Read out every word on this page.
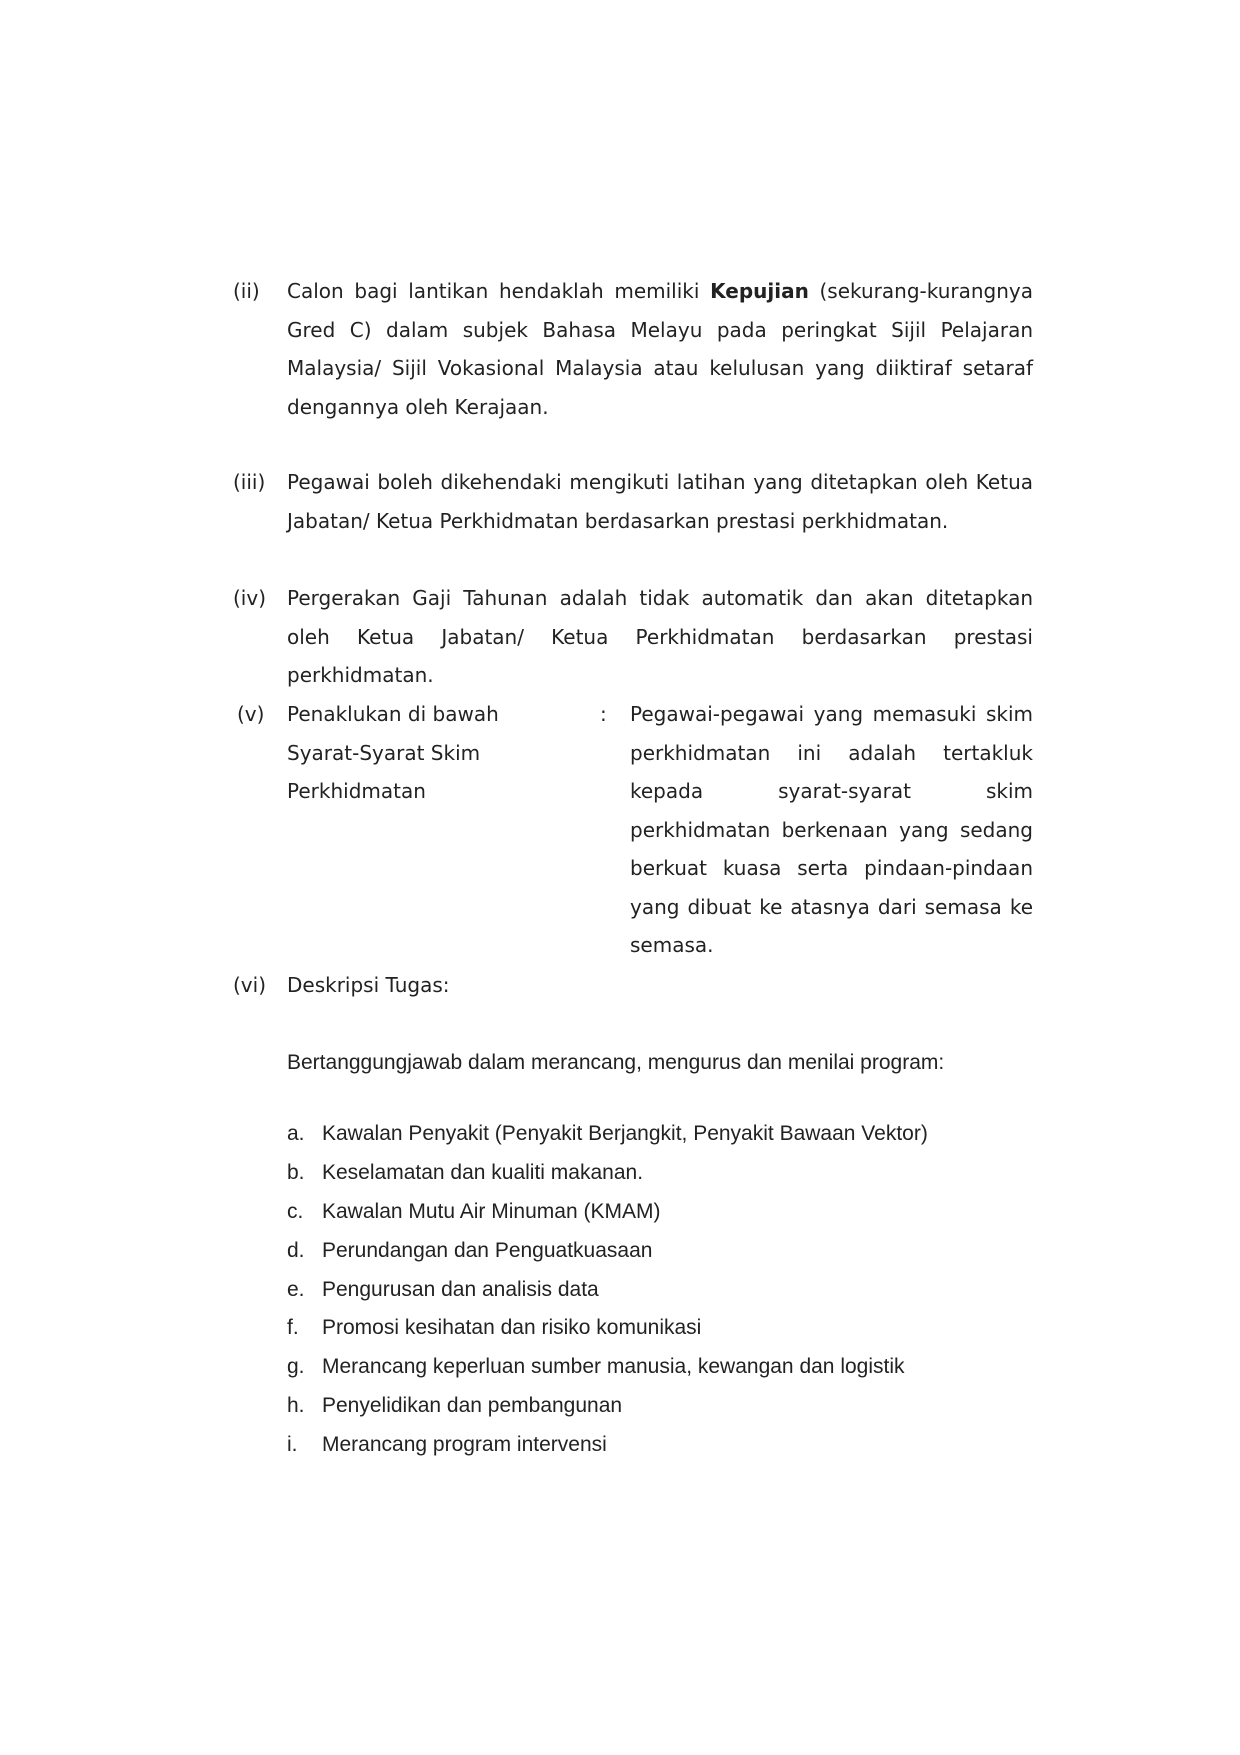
(ii) Calon bagi lantikan hendaklah memiliki Kepujian (sekurang-kurangnya Gred C) dalam subjek Bahasa Melayu pada peringkat Sijil Pelajaran Malaysia/ Sijil Vokasional Malaysia atau kelulusan yang diiktiraf setaraf dengannya oleh Kerajaan.
(iii) Pegawai boleh dikehendaki mengikuti latihan yang ditetapkan oleh Ketua Jabatan/ Ketua Perkhidmatan berdasarkan prestasi perkhidmatan.
(iv) Pergerakan Gaji Tahunan adalah tidak automatik dan akan ditetapkan oleh Ketua Jabatan/ Ketua Perkhidmatan berdasarkan prestasi perkhidmatan.
(v) Penaklukan di bawah Syarat-Syarat Skim Perkhidmatan
: Pegawai-pegawai yang memasuki skim perkhidmatan ini adalah tertakluk kepada syarat-syarat skim perkhidmatan berkenaan yang sedang berkuat kuasa serta pindaan-pindaan yang dibuat ke atasnya dari semasa ke semasa.
(vi) Deskripsi Tugas:
Bertanggungjawab dalam merancang, mengurus dan menilai program:
a. Kawalan Penyakit (Penyakit Berjangkit, Penyakit Bawaan Vektor)
b. Keselamatan dan kualiti makanan.
c. Kawalan Mutu Air Minuman (KMAM)
d. Perundangan dan Penguatkuasaan
e. Pengurusan dan analisis data
f. Promosi kesihatan dan risiko komunikasi
g. Merancang keperluan sumber manusia, kewangan dan logistik
h. Penyelidikan dan pembangunan
i. Merancang program intervensi
